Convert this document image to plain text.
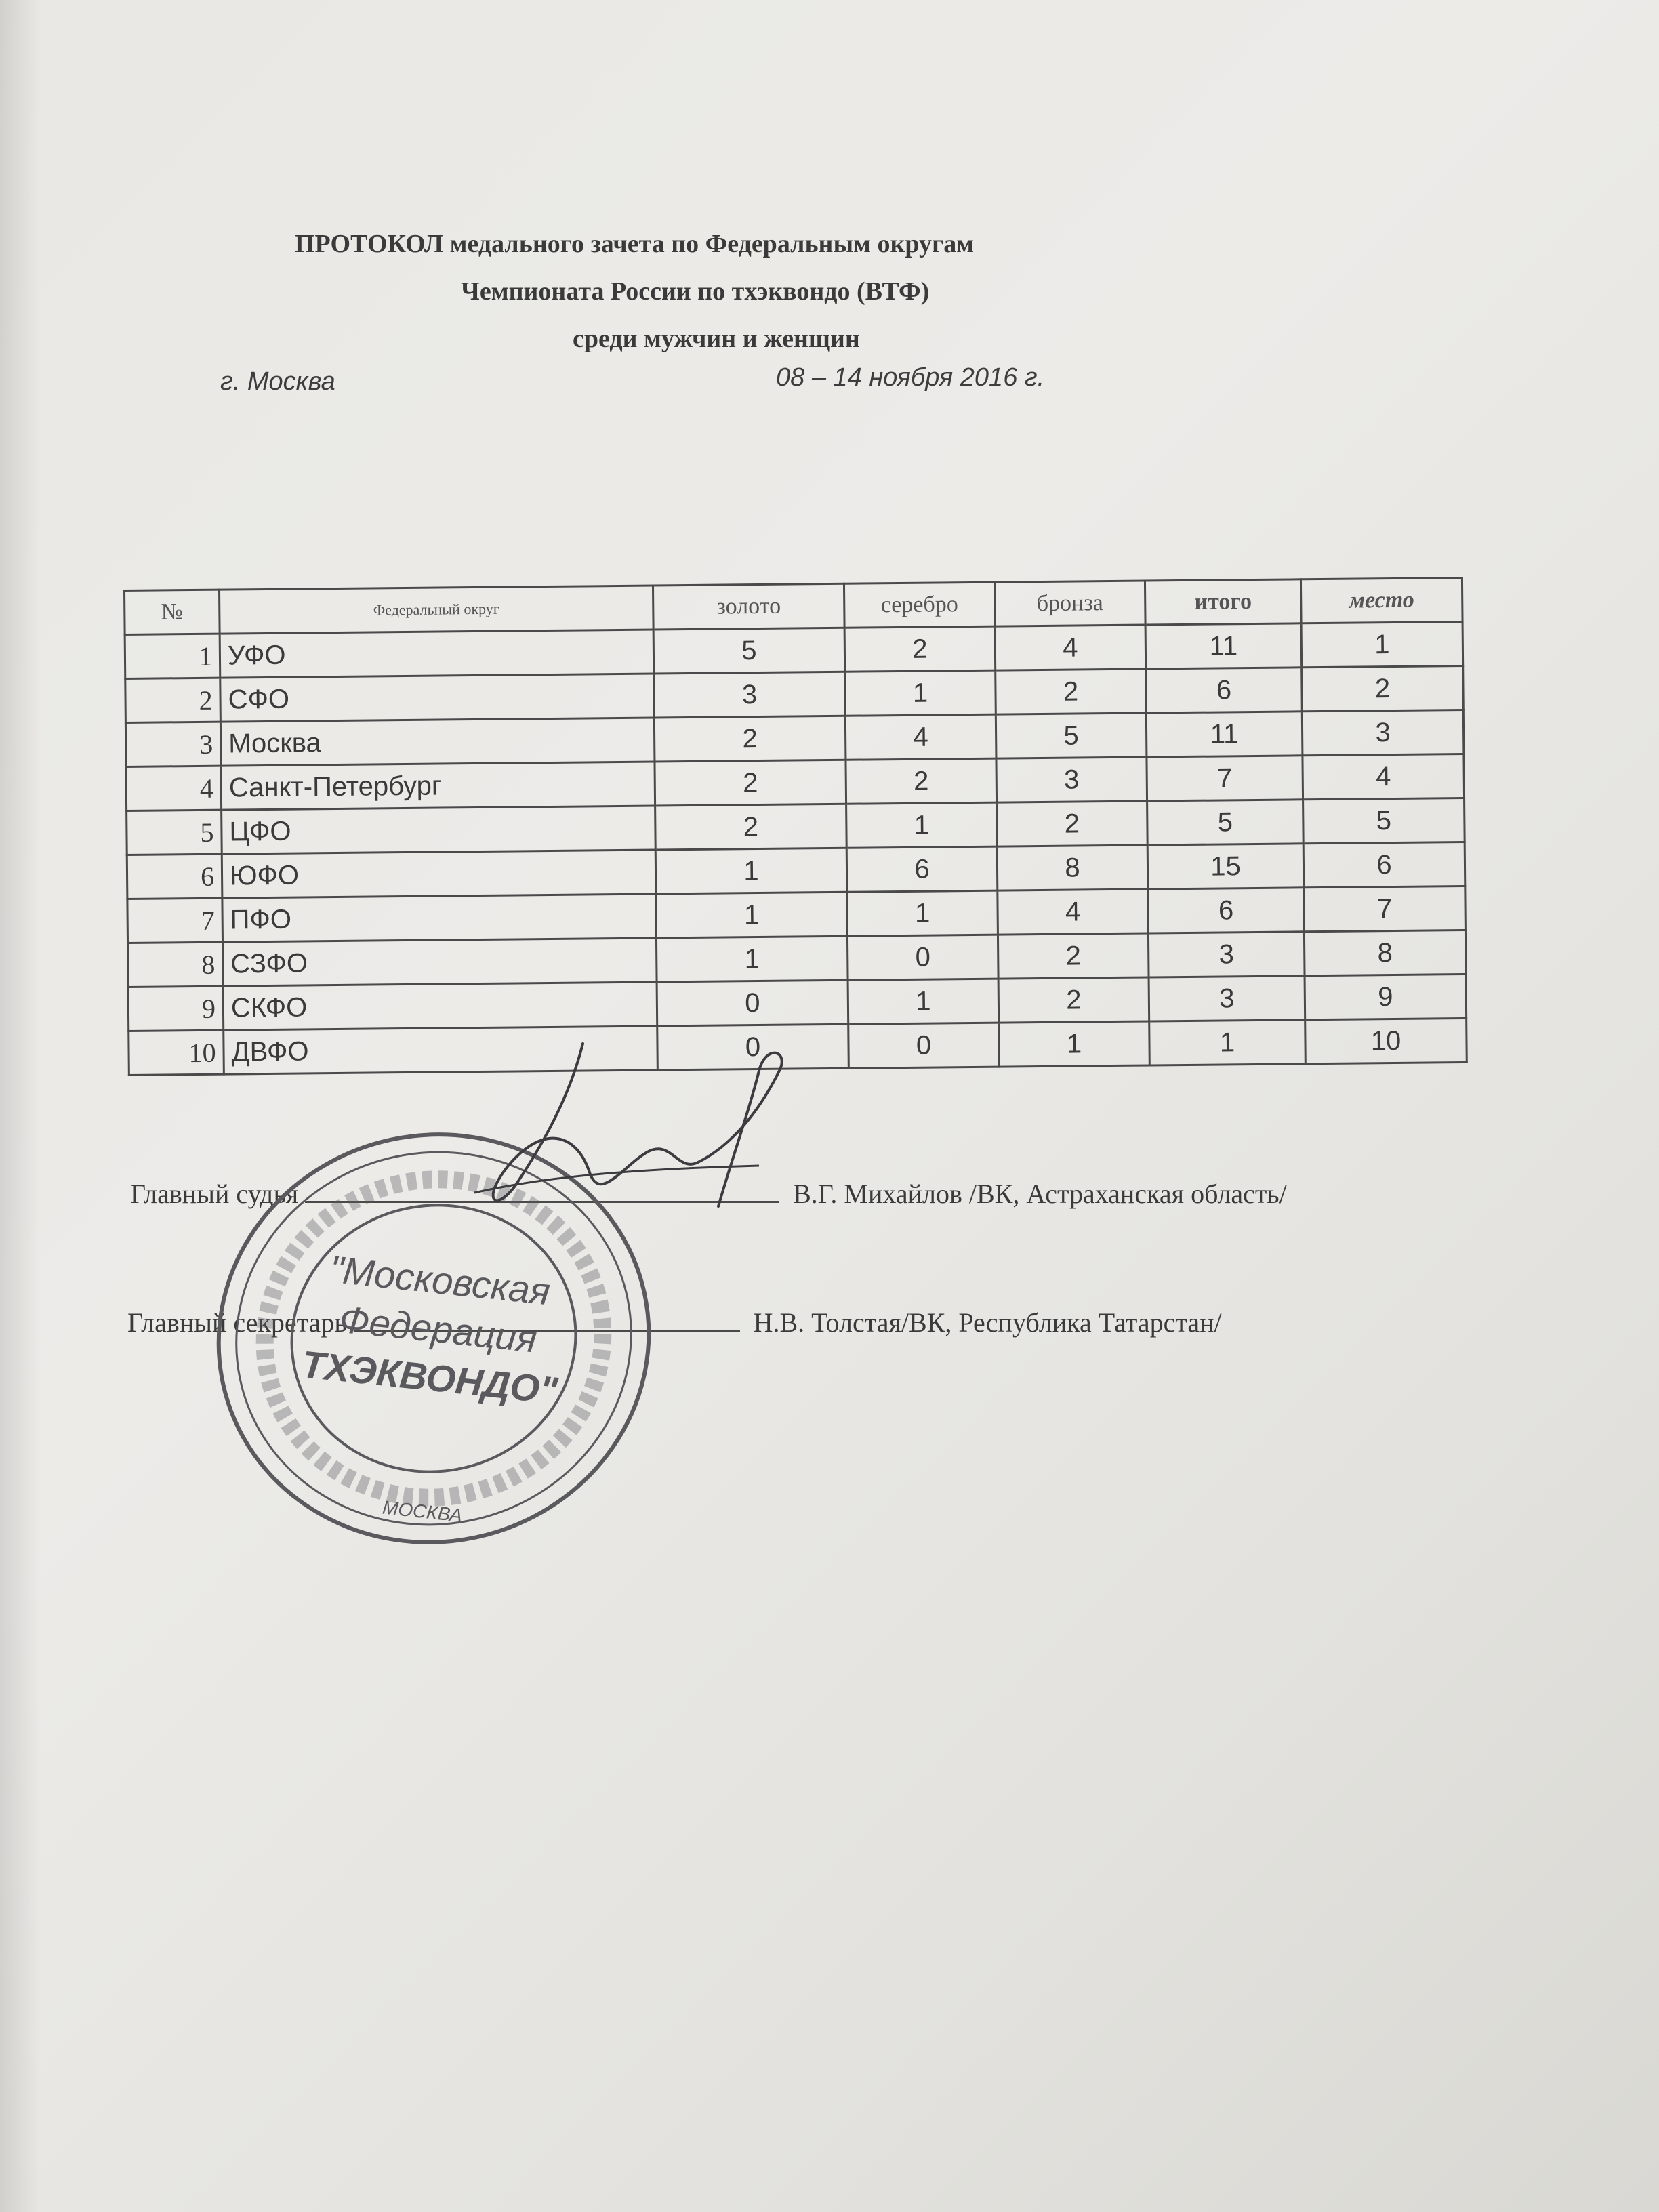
ПРОТОКОЛ медального зачета по Федеральным округам
Чемпионата России по тхэквондо (ВТФ)
среди мужчин и женщин
г. Москва	08 – 14 ноября 2016 г.
№	Федеральный округ	золото	серебро	бронза	итого	место
1	УФО	5	2	4	11	1
2	СФО	3	1	2	6	2
3	Москва	2	4	5	11	3
4	Санкт-Петербург	2	2	3	7	4
5	ЦФО	2	1	2	5	5
6	ЮФО	1	6	8	15	6
7	ПФО	1	1	4	6	7
8	СЗФО	1	0	2	3	8
9	СКФО	0	1	2	3	9
10	ДВФО	0	0	1	1	10
Главный судья	В.Г. Михайлов /ВК, Астраханская область/
Главный секретарь	Н.В. Толстая/ВК, Республика Татарстан/
"Московская
Федерация
ТХЭКВОНДО"
МОСКВА
